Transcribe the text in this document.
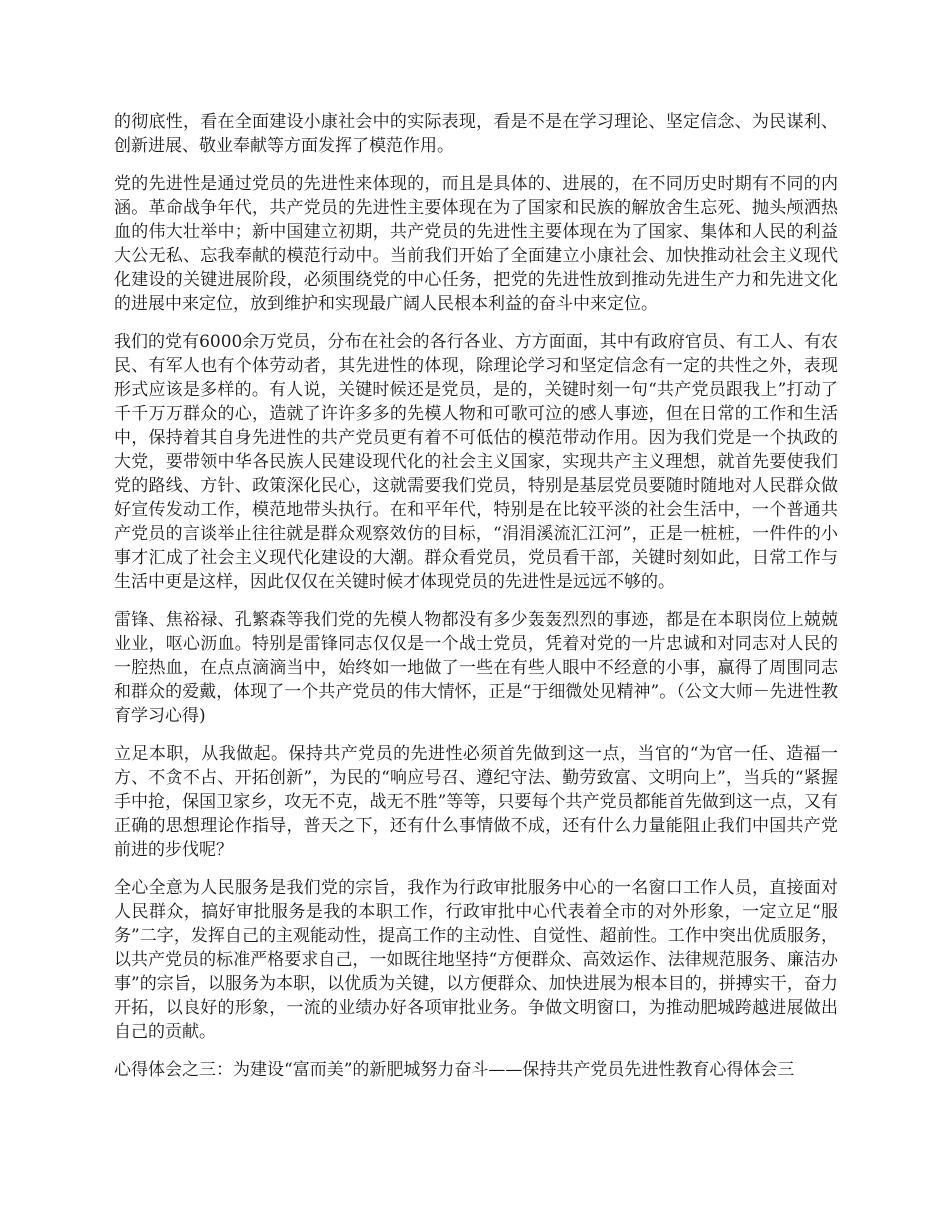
的彻底性，看在全面建设小康社会中的实际表现，看是不是在学习理论、坚定信念、为民谋利、创新进展、敬业奉献等方面发挥了模范作用。

党的先进性是通过党员的先进性来体现的，而且是具体的、进展的，在不同历史时期有不同的内涵。革命战争年代，共产党员的先进性主要体现在为了国家和民族的解放舍生忘死、抛头颅洒热血的伟大壮举中；新中国建立初期，共产党员的先进性主要体现在为了国家、集体和人民的利益大公无私、忘我奉献的模范行动中。当前我们开始了全面建立小康社会、加快推动社会主义现代化建设的关键进展阶段，必须围绕党的中心任务，把党的先进性放到推动先进生产力和先进文化的进展中来定位，放到维护和实现最广阔人民根本利益的奋斗中来定位。

我们的党有6000余万党员，分布在社会的各行各业、方方面面，其中有政府官员、有工人、有农民、有军人也有个体劳动者，其先进性的体现，除理论学习和坚定信念有一定的共性之外，表现形式应该是多样的。有人说，关键时候还是党员，是的，关键时刻一句“共产党员跟我上”打动了千千万万群众的心，造就了许许多多的先模人物和可歌可泣的感人事迹，但在日常的工作和生活中，保持着其自身先进性的共产党员更有着不可低估的模范带动作用。因为我们党是一个执政的大党，要带领中华各民族人民建设现代化的社会主义国家，实现共产主义理想，就首先要使我们党的路线、方针、政策深化民心，这就需要我们党员，特别是基层党员要随时随地对人民群众做好宣传发动工作，模范地带头执行。在和平年代，特别是在比较平淡的社会生活中，一个普通共产党员的言谈举止往往就是群众观察效仿的目标，“涓涓溪流汇江河”，正是一桩桩，一件件的小事才汇成了社会主义现代化建设的大潮。群众看党员，党员看干部，关键时刻如此，日常工作与生活中更是这样，因此仅仅在关键时候才体现党员的先进性是远远不够的。

雷锋、焦裕禄、孔繁森等我们党的先模人物都没有多少轰轰烈烈的事迹，都是在本职岗位上兢兢业业，呕心沥血。特别是雷锋同志仅仅是一个战士党员，凭着对党的一片忠诚和对同志对人民的一腔热血，在点点滴滴当中，始终如一地做了一些在有些人眼中不经意的小事，赢得了周围同志和群众的爱戴，体现了一个共产党员的伟大情怀，正是“于细微处见精神”。（公文大师－先进性教育学习心得)

立足本职，从我做起。保持共产党员的先进性必须首先做到这一点，当官的“为官一任、造福一方、不贪不占、开拓创新”，为民的“响应号召、遵纪守法、勤劳致富、文明向上”，当兵的“紧握手中抢，保国卫家乡，攻无不克，战无不胜”等等，只要每个共产党员都能首先做到这一点，又有正确的思想理论作指导，普天之下，还有什么事情做不成，还有什么力量能阻止我们中国共产党前进的步伐呢？

全心全意为人民服务是我们党的宗旨，我作为行政审批服务中心的一名窗口工作人员，直接面对人民群众，搞好审批服务是我的本职工作，行政审批中心代表着全市的对外形象，一定立足“服务”二字，发挥自己的主观能动性，提高工作的主动性、自觉性、超前性。工作中突出优质服务，以共产党员的标准严格要求自己，一如既往地坚持“方便群众、高效运作、法律规范服务、廉洁办事”的宗旨，以服务为本职，以优质为关键，以方便群众、加快进展为根本目的，拼搏实干，奋力开拓，以良好的形象，一流的业绩办好各项审批业务。争做文明窗口，为推动肥城跨越进展做出自己的贡献。

心得体会之三：为建设“富而美”的新肥城努力奋斗——保持共产党员先进性教育心得体会三
